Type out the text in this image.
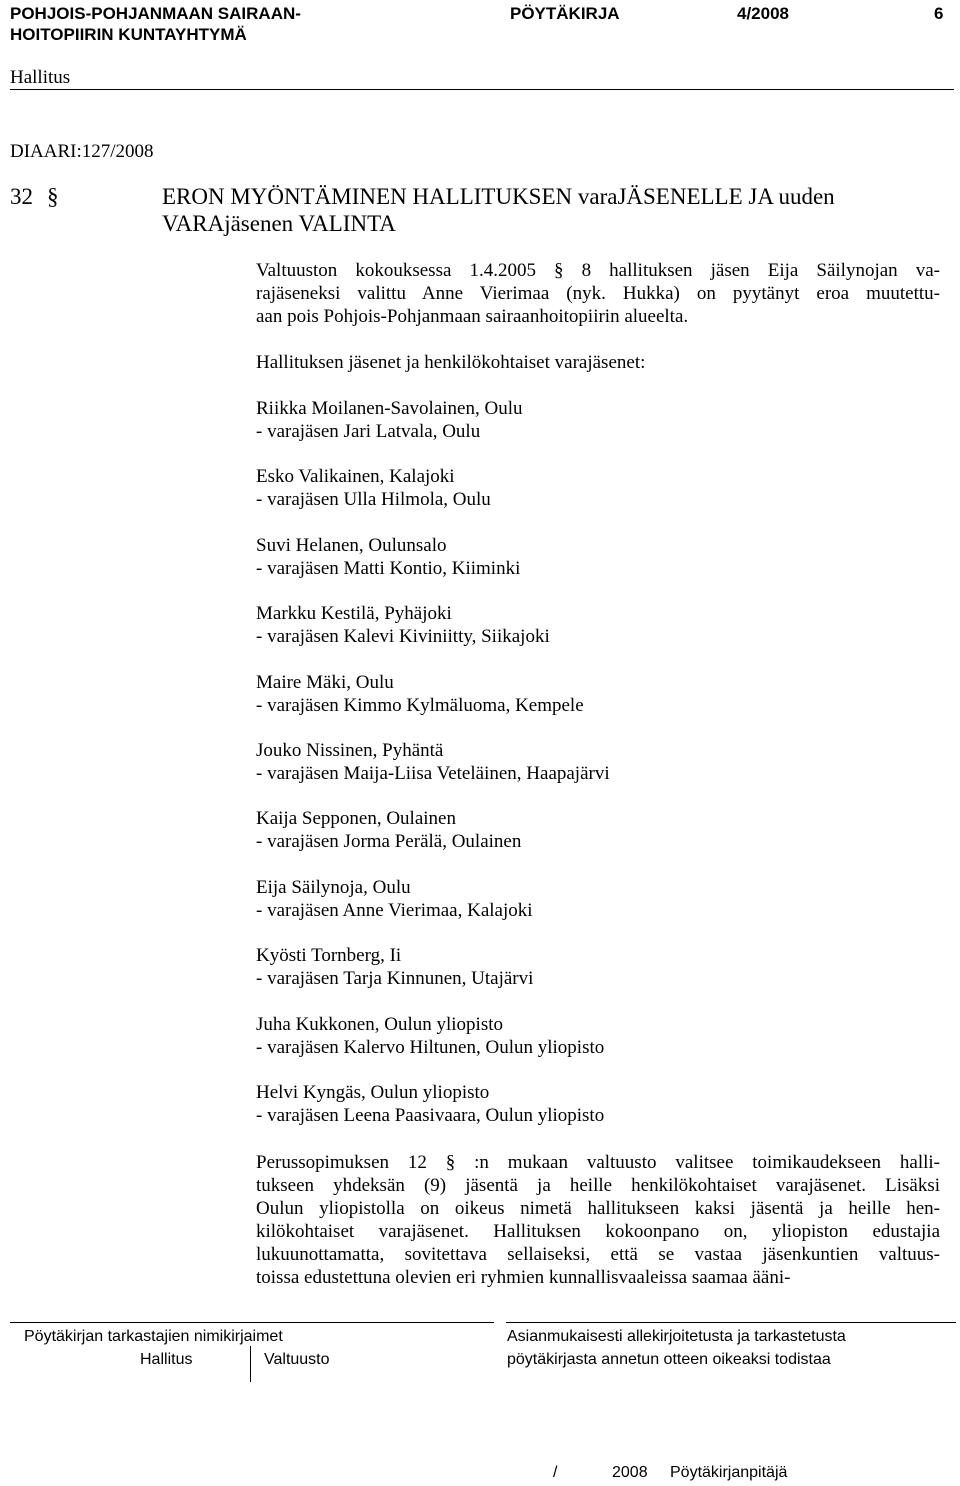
POHJOIS-POHJANMAAN SAIRAAN-
HOITOPIIRIN KUNTAYHTYMÄ
PÖYTÄKIRJA	4/2008	6
Hallitus
DIAARI:127/2008
32 §	ERON MYÖNTÄMINEN HALLITUKSEN varaJÄSENELLE JA uuden
VARAjäsenen VALINTA
Valtuuston kokouksessa 1.4.2005 § 8 hallituksen jäsen Eija Säilynojan va-
rajäseneksi valittu Anne Vierimaa (nyk. Hukka) on pyytänyt eroa muutettu-
aan pois Pohjois-Pohjanmaan sairaanhoitopiirin alueelta.
Hallituksen jäsenet ja henkilökohtaiset varajäsenet:
Riikka Moilanen-Savolainen, Oulu
- varajäsen Jari Latvala, Oulu
Esko Valikainen, Kalajoki
- varajäsen Ulla Hilmola, Oulu
Suvi Helanen, Oulunsalo
- varajäsen Matti Kontio, Kiiminki
Markku Kestilä, Pyhäjoki
- varajäsen Kalevi Kiviniitty, Siikajoki
Maire Mäki, Oulu
- varajäsen Kimmo Kylmäluoma, Kempele
Jouko Nissinen, Pyhäntä
- varajäsen Maija-Liisa Veteläinen, Haapajärvi
Kaija Sepponen, Oulainen
- varajäsen Jorma Perälä, Oulainen
Eija Säilynoja, Oulu
- varajäsen Anne Vierimaa, Kalajoki
Kyösti Tornberg, Ii
- varajäsen Tarja Kinnunen, Utajärvi
Juha Kukkonen, Oulun yliopisto
- varajäsen Kalervo Hiltunen, Oulun yliopisto
Helvi Kyngäs, Oulun yliopisto
- varajäsen Leena Paasivaara, Oulun yliopisto
Perussopimuksen 12 § :n mukaan valtuusto valitsee toimikaudekseen halli-
tukseen yhdeksän (9) jäsentä ja heille henkilökohtaiset varajäsenet. Lisäksi
Oulun yliopistolla on oikeus nimetä hallitukseen kaksi jäsentä ja heille hen-
kilökohtaiset varajäsenet. Hallituksen kokoonpano on, yliopiston edustajia
lukuunottamatta, sovitettava sellaiseksi, että se vastaa jäsenkuntien valtuus-
toissa edustettuna olevien eri ryhmien kunnallisvaaleissa saamaa ääni-
Pöytäkirjan tarkastajien nimikirjaimet
Hallitus	Valtuusto
Asianmukaisesti allekirjoitetusta ja tarkastetusta
pöytäkirjasta annetun otteen oikeaksi todistaa
/	2008 Pöytäkirjanpitäjä
